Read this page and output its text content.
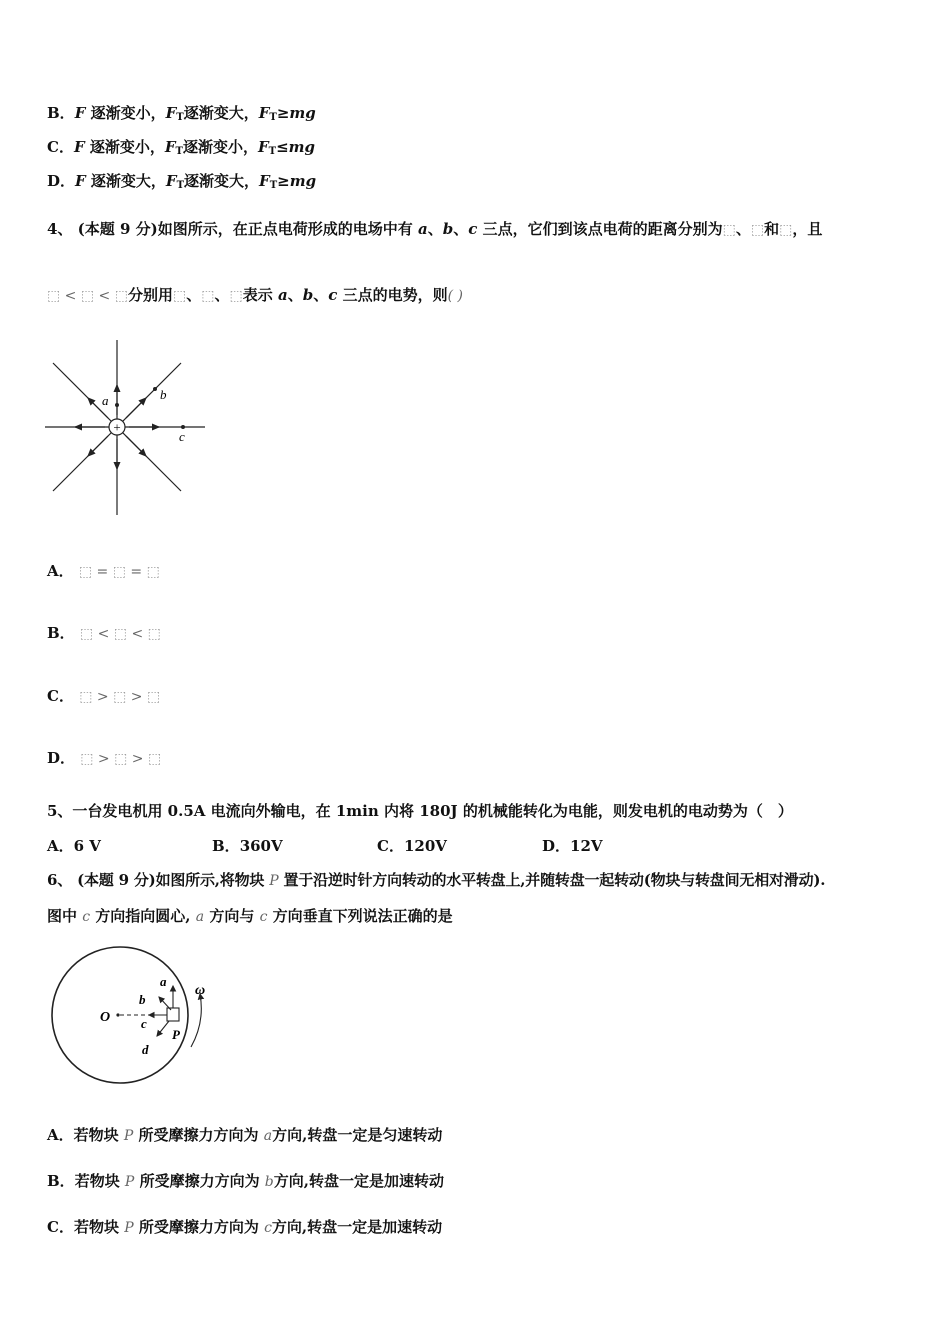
B．F 逐渐变小，$F_T$逐渐变大，$F_T\ge mg$
C．F 逐渐变小，$F_T$逐渐变小，$F_T\le mg$
D．F 逐渐变大，$F_T$逐渐变大，$F_T\ge mg$
4、 (本题 9 分)如图所示，在正点电荷形成的电场中有 a、b、c 三点，它们到该点电荷的距离分别为⬚、⬚和⬚，且
⬚ < ⬚ < ⬚分别用⬚、⬚、⬚表示 a、b、c 三点的电势，则( )
+
a	b
c
A． ⬚ = ⬚ = ⬚
B． ⬚ < ⬚ < ⬚
C． ⬚ > ⬚ > ⬚
D． ⬚ > ⬚ > ⬚
5、一台发电机用 0.5A 电流向外输电，在 1min 内将 180J 的机械能转化为电能，则发电机的电动势为（　）
A．6 V	B．360V	C．120V	D．12V
6、 (本题 9 分)如图所示,将物块 P 置于沿逆时针方向转动的水平转盘上,并随转盘一起转动(物块与转盘间无相对滑动).
图中 c 方向指向圆心, a 方向与 c 方向垂直下列说法正确的是
O
a
b
c
d
P
ω
A．若物块 P 所受摩擦力方向为 a方向,转盘一定是匀速转动
B．若物块 P 所受摩擦力方向为 b方向,转盘一定是加速转动
C．若物块 P 所受摩擦力方向为 c方向,转盘一定是加速转动
